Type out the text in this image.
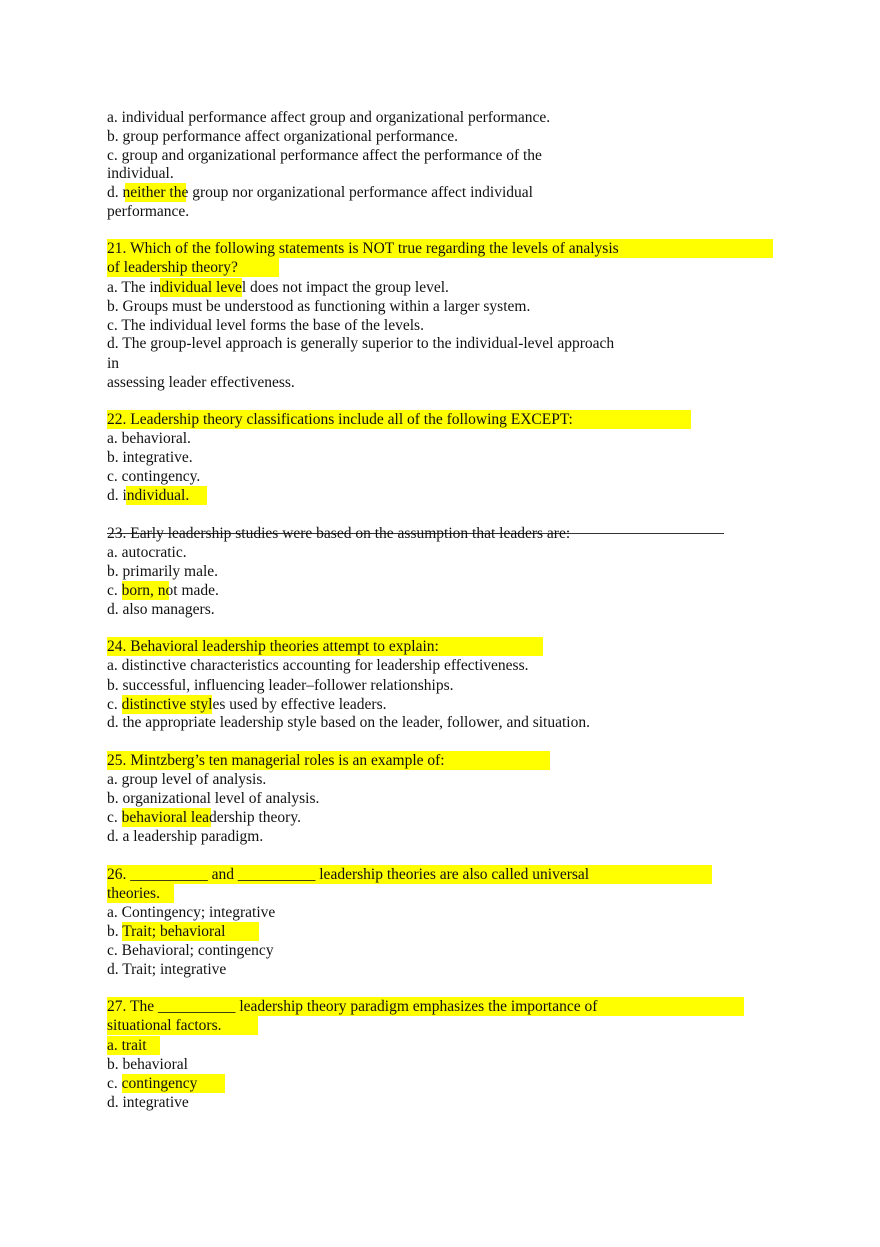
a. individual performance affect group and organizational performance.
b. group performance affect organizational performance.
c. group and organizational performance affect the performance of the
individual.
d. neither the group nor organizational performance affect individual
performance.
21. Which of the following statements is NOT true regarding the levels of analysis
of leadership theory?
a. The individual level does not impact the group level.
b. Groups must be understood as functioning within a larger system.
c. The individual level forms the base of the levels.
d. The group-level approach is generally superior to the individual-level approach
in
assessing leader effectiveness.
22. Leadership theory classifications include all of the following EXCEPT:
a. behavioral.
b. integrative.
c. contingency.
d. individual.
23. Early leadership studies were based on the assumption that leaders are:
a. autocratic.
b. primarily male.
c. born, not made.
d. also managers.
24. Behavioral leadership theories attempt to explain:
a. distinctive characteristics accounting for leadership effectiveness.
b. successful, influencing leader–follower relationships.
c. distinctive styles used by effective leaders.
d. the appropriate leadership style based on the leader, follower, and situation.
25. Mintzberg’s ten managerial roles is an example of:
a. group level of analysis.
b. organizational level of analysis.
c. behavioral leadership theory.
d. a leadership paradigm.
26. __________ and __________ leadership theories are also called universal
theories.
a. Contingency; integrative
b. Trait; behavioral
c. Behavioral; contingency
d. Trait; integrative
27. The __________ leadership theory paradigm emphasizes the importance of
situational factors.
a. trait
b. behavioral
c. contingency
d. integrative
